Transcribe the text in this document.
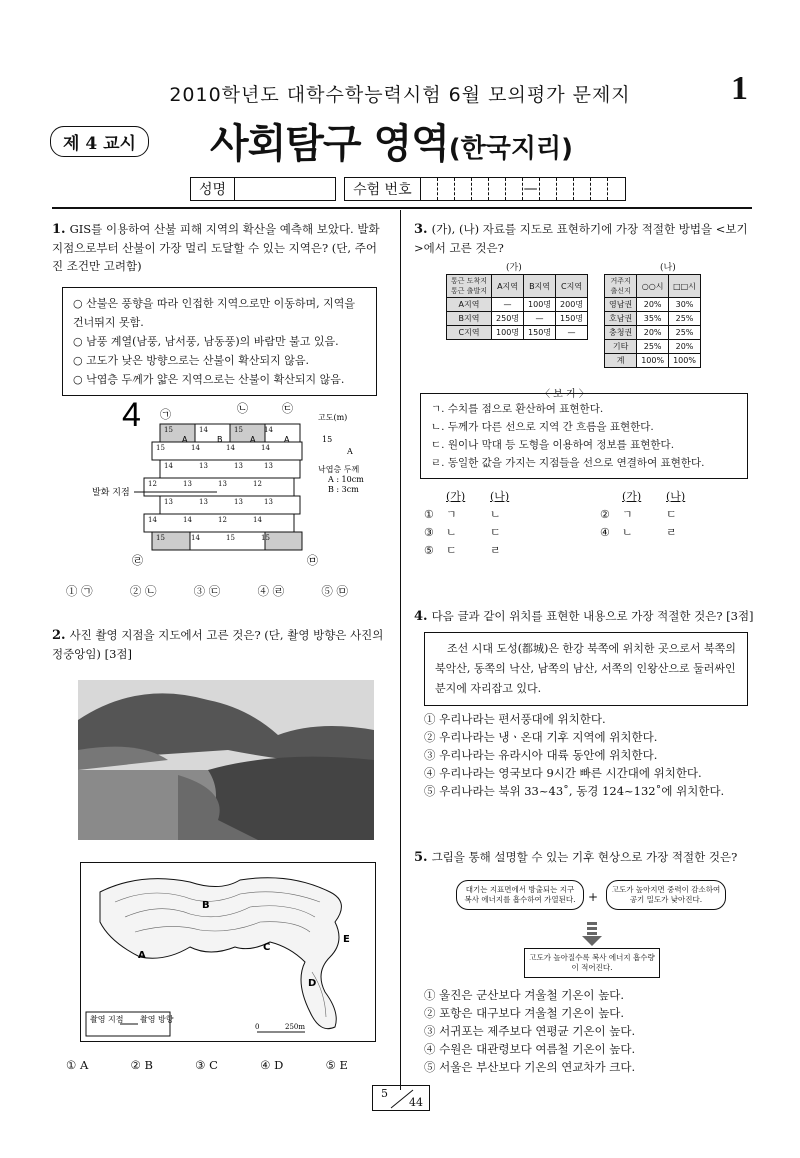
2010학년도 대학수학능력시험 6월 모의평가 문제지	1
제 4 교시	사회탐구 영역(한국지리)
성명	수험 번호	—
1. GIS를 이용하여 산불 피해 지역의 확산을 예측해 보았다. 발화 지점으로부터 산불이 가장 멀리 도달할 수 있는 지역은? (단, 주어진 조건만 고려함)
○ 산불은 풍향을 따라 인접한 지역으로만 이동하며, 지역을 건너뛰지 못함.
○ 남풍 계열(남풍, 남서풍, 남동풍)의 바람만 불고 있음.
○ 고도가 낮은 방향으로는 산불이 확산되지 않음.
○ 낙엽층 두께가 얇은 지역으로는 산불이 확산되지 않음.
4	15	14	15	14
15	14	14	14
14	13	13	13
12	13	13	12
13	13	13	13
14	14	12	14
15	14	15	15
A	B	A	A
㉠	㉡	㉢
㉣	㉤
발화 지점
고도(m)
15
A
낙엽층 두께
A : 10cm
B : 3cm
① ㉠	② ㉡	③ ㉢	④ ㉣	⑤ ㉤
2. 사진 촬영 지점을 지도에서 고른 것은? (단, 촬영 방향은 사진의 정중앙임) [3점]
A
B
C
D
E
촬영 지점 촬영 방향
0	250m
① A	② B	③ C	④ D	⑤ E
3. (가), (나) 자료를 지도로 표현하기에 가장 적절한 방법을 <보기>에서 고른 것은?
(가)	(나)
통근 도착지
통근 출발지	A지역	B지역	C지역
A지역	—	100명	200명
B지역	250명	—	150명
C지역	100명	150명	—
거주지
출신지	○○시	□□시
영남권	20%	30%
호남권	35%	25%
충청권	20%	25%
기타	25%	20%
계	100%	100%
〈 보 기 〉
ㄱ. 수치를 점으로 환산하여 표현한다.
ㄴ. 두께가 다른 선으로 지역 간 흐름을 표현한다.
ㄷ. 원이나 막대 등 도형을 이용하여 정보를 표현한다.
ㄹ. 동일한 값을 가지는 지점들을 선으로 연결하여 표현한다.
(가)	(나)	(가)	(나)
①	ㄱ	ㄴ	②	ㄱ	ㄷ
③	ㄴ	ㄷ	④	ㄴ	ㄹ
⑤	ㄷ	ㄹ
4. 다음 글과 같이 위치를 표현한 내용으로 가장 적절한 것은? [3점]
조선 시대 도성(都城)은 한강 북쪽에 위치한 곳으로서 북쪽의 북악산, 동쪽의 낙산, 남쪽의 남산, 서쪽의 인왕산으로 둘러싸인 분지에 자리잡고 있다.
① 우리나라는 편서풍대에 위치한다.
② 우리나라는 냉ㆍ온대 기후 지역에 위치한다.
③ 우리나라는 유라시아 대륙 동안에 위치한다.
④ 우리나라는 영국보다 9시간 빠른 시간대에 위치한다.
⑤ 우리나라는 북위 33~43˚, 동경 124~132˚에 위치한다.
5. 그림을 통해 설명할 수 있는 기후 현상으로 가장 적절한 것은?
대기는 지표면에서 방출되는 지구 복사 에너지를 흡수하여 가열된다.	+
고도가 높아지면 중력이 감소하여 공기 밀도가 낮아진다.
고도가 높아질수록 복사 에너지 흡수량이 적어진다.
① 울진은 군산보다 겨울철 기온이 높다.
② 포항은 대구보다 겨울철 기온이 높다.
③ 서귀포는 제주보다 연평균 기온이 높다.
④ 수원은 대관령보다 여름철 기온이 높다.
⑤ 서울은 부산보다 기온의 연교차가 크다.
5
44
